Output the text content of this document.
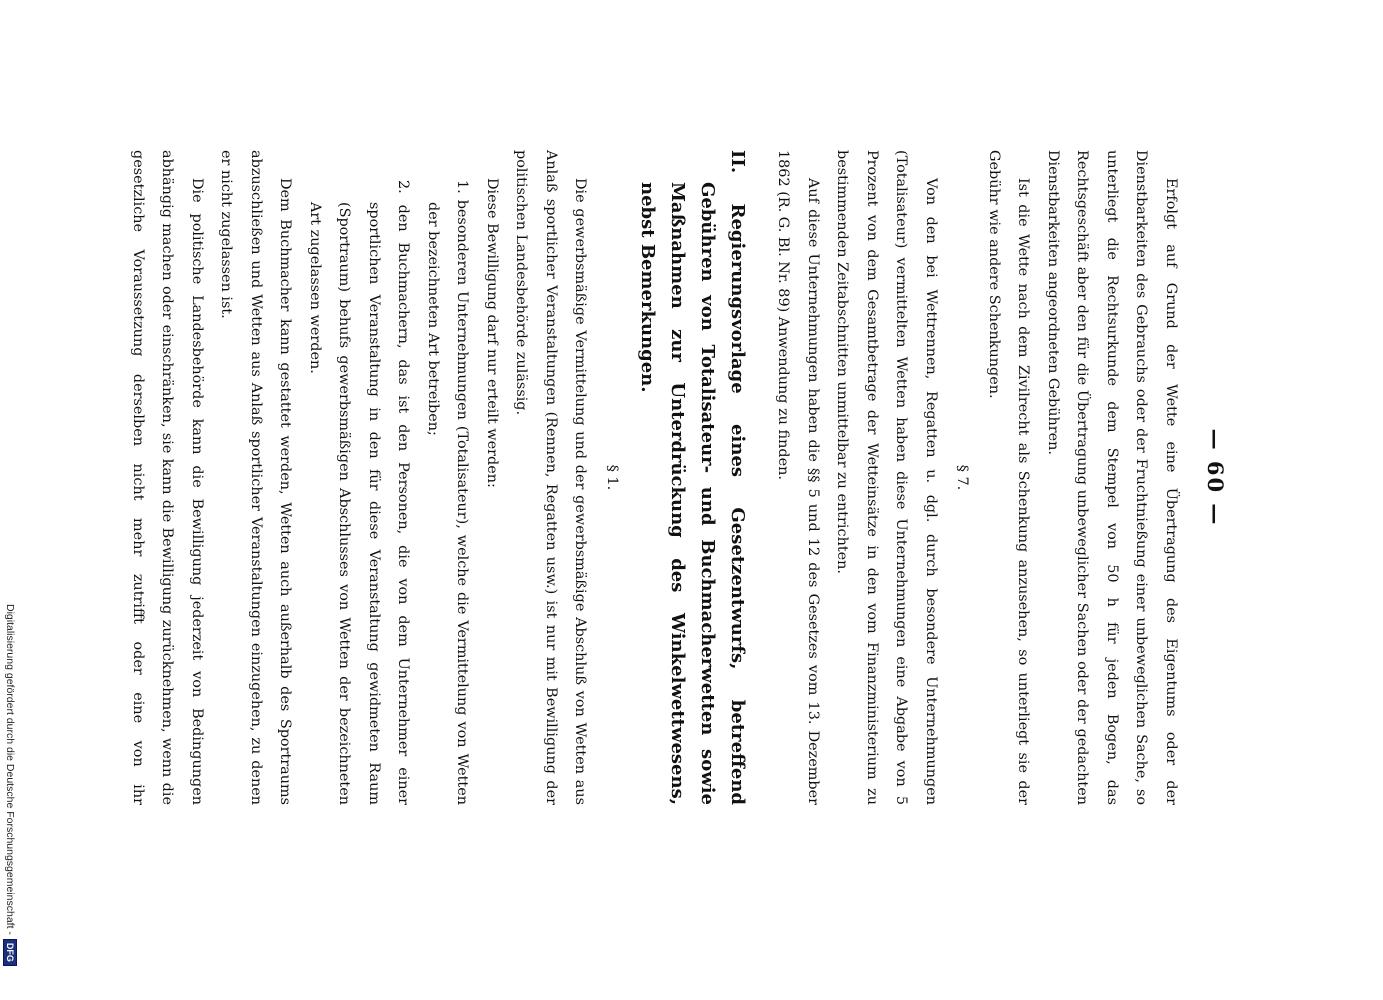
— 60 —

Erfolgt auf Grund der Wette eine Übertragung des Eigentums oder der Dienstbarkeiten des Gebrauchs oder der Fruchtnießung einer unbeweglichen Sache, so unterliegt die Rechtsurkunde dem Stempel von 50 h für jeden Bogen, das Rechtsgeschäft aber den für die Übertragung unbeweglicher Sachen oder der gedachten Dienstbarkeiten angeordneten Gebühren.

Ist die Wette nach dem Zivilrecht als Schenkung anzusehen, so unterliegt sie der Gebühr wie andere Schenkungen.

§ 7.

Von den bei Wettrennen, Regatten u. dgl. durch besondere Unternehmungen (Totalisateur) vermittelten Wetten haben diese Unternehmungen eine Abgabe von 5 Prozent von dem Gesamtbetrage der Wetteinsätze in den vom Finanzministerium zu bestimmenden Zeitabschnitten unmittelbar zu entrichten.

Auf diese Unternehmungen haben die §§ 5 und 12 des Gesetzes vom 13. Dezember 1862 (R. G. Bl. Nr. 89) Anwendung zu finden.

II. Regierungsvorlage eines Gesetzentwurfs, betreffend Gebühren von Totalisateur- und Buchmacherwetten sowie Maßnahmen zur Unterdrückung des Winkelwettwesens, nebst Bemerkungen.
§ 1.

Die gewerbsmäßige Vermittelung und der gewerbsmäßige Abschluß von Wetten aus Anlaß sportlicher Veranstaltungen (Rennen, Regatten usw.) ist nur mit Bewilligung der politischen Landesbehörde zulässig.

Diese Bewilligung darf nur erteilt werden:

1. besonderen Unternehmungen (Totalisateur), welche die Vermittelung von Wetten der bezeichneten Art betreiben;

2. den Buchmachern, das ist den Personen, die von dem Unternehmer einer sportlichen Veranstaltung in den für diese Veranstaltung gewidmeten Raum (Sportraum) behufs gewerbsmäßigen Abschlusses von Wetten der bezeichneten Art zugelassen werden.

Dem Buchmacher kann gestattet werden, Wetten auch außerhalb des Sportraums abzuschließen und Wetten aus Anlaß sportlicher Veranstaltungen einzugehen, zu denen er nicht zugelassen ist.

Die politische Landesbehörde kann die Bewilligung jederzeit von Bedingungen abhängig machen oder einschränken, sie kann die Bewilligung zurücknehmen, wenn die gesetzliche Voraussetzung derselben nicht mehr zutrifft oder eine von ihr

Digitalisierung gefördert durch die Deutsche Forschungsgemeinschaft -
DFG
